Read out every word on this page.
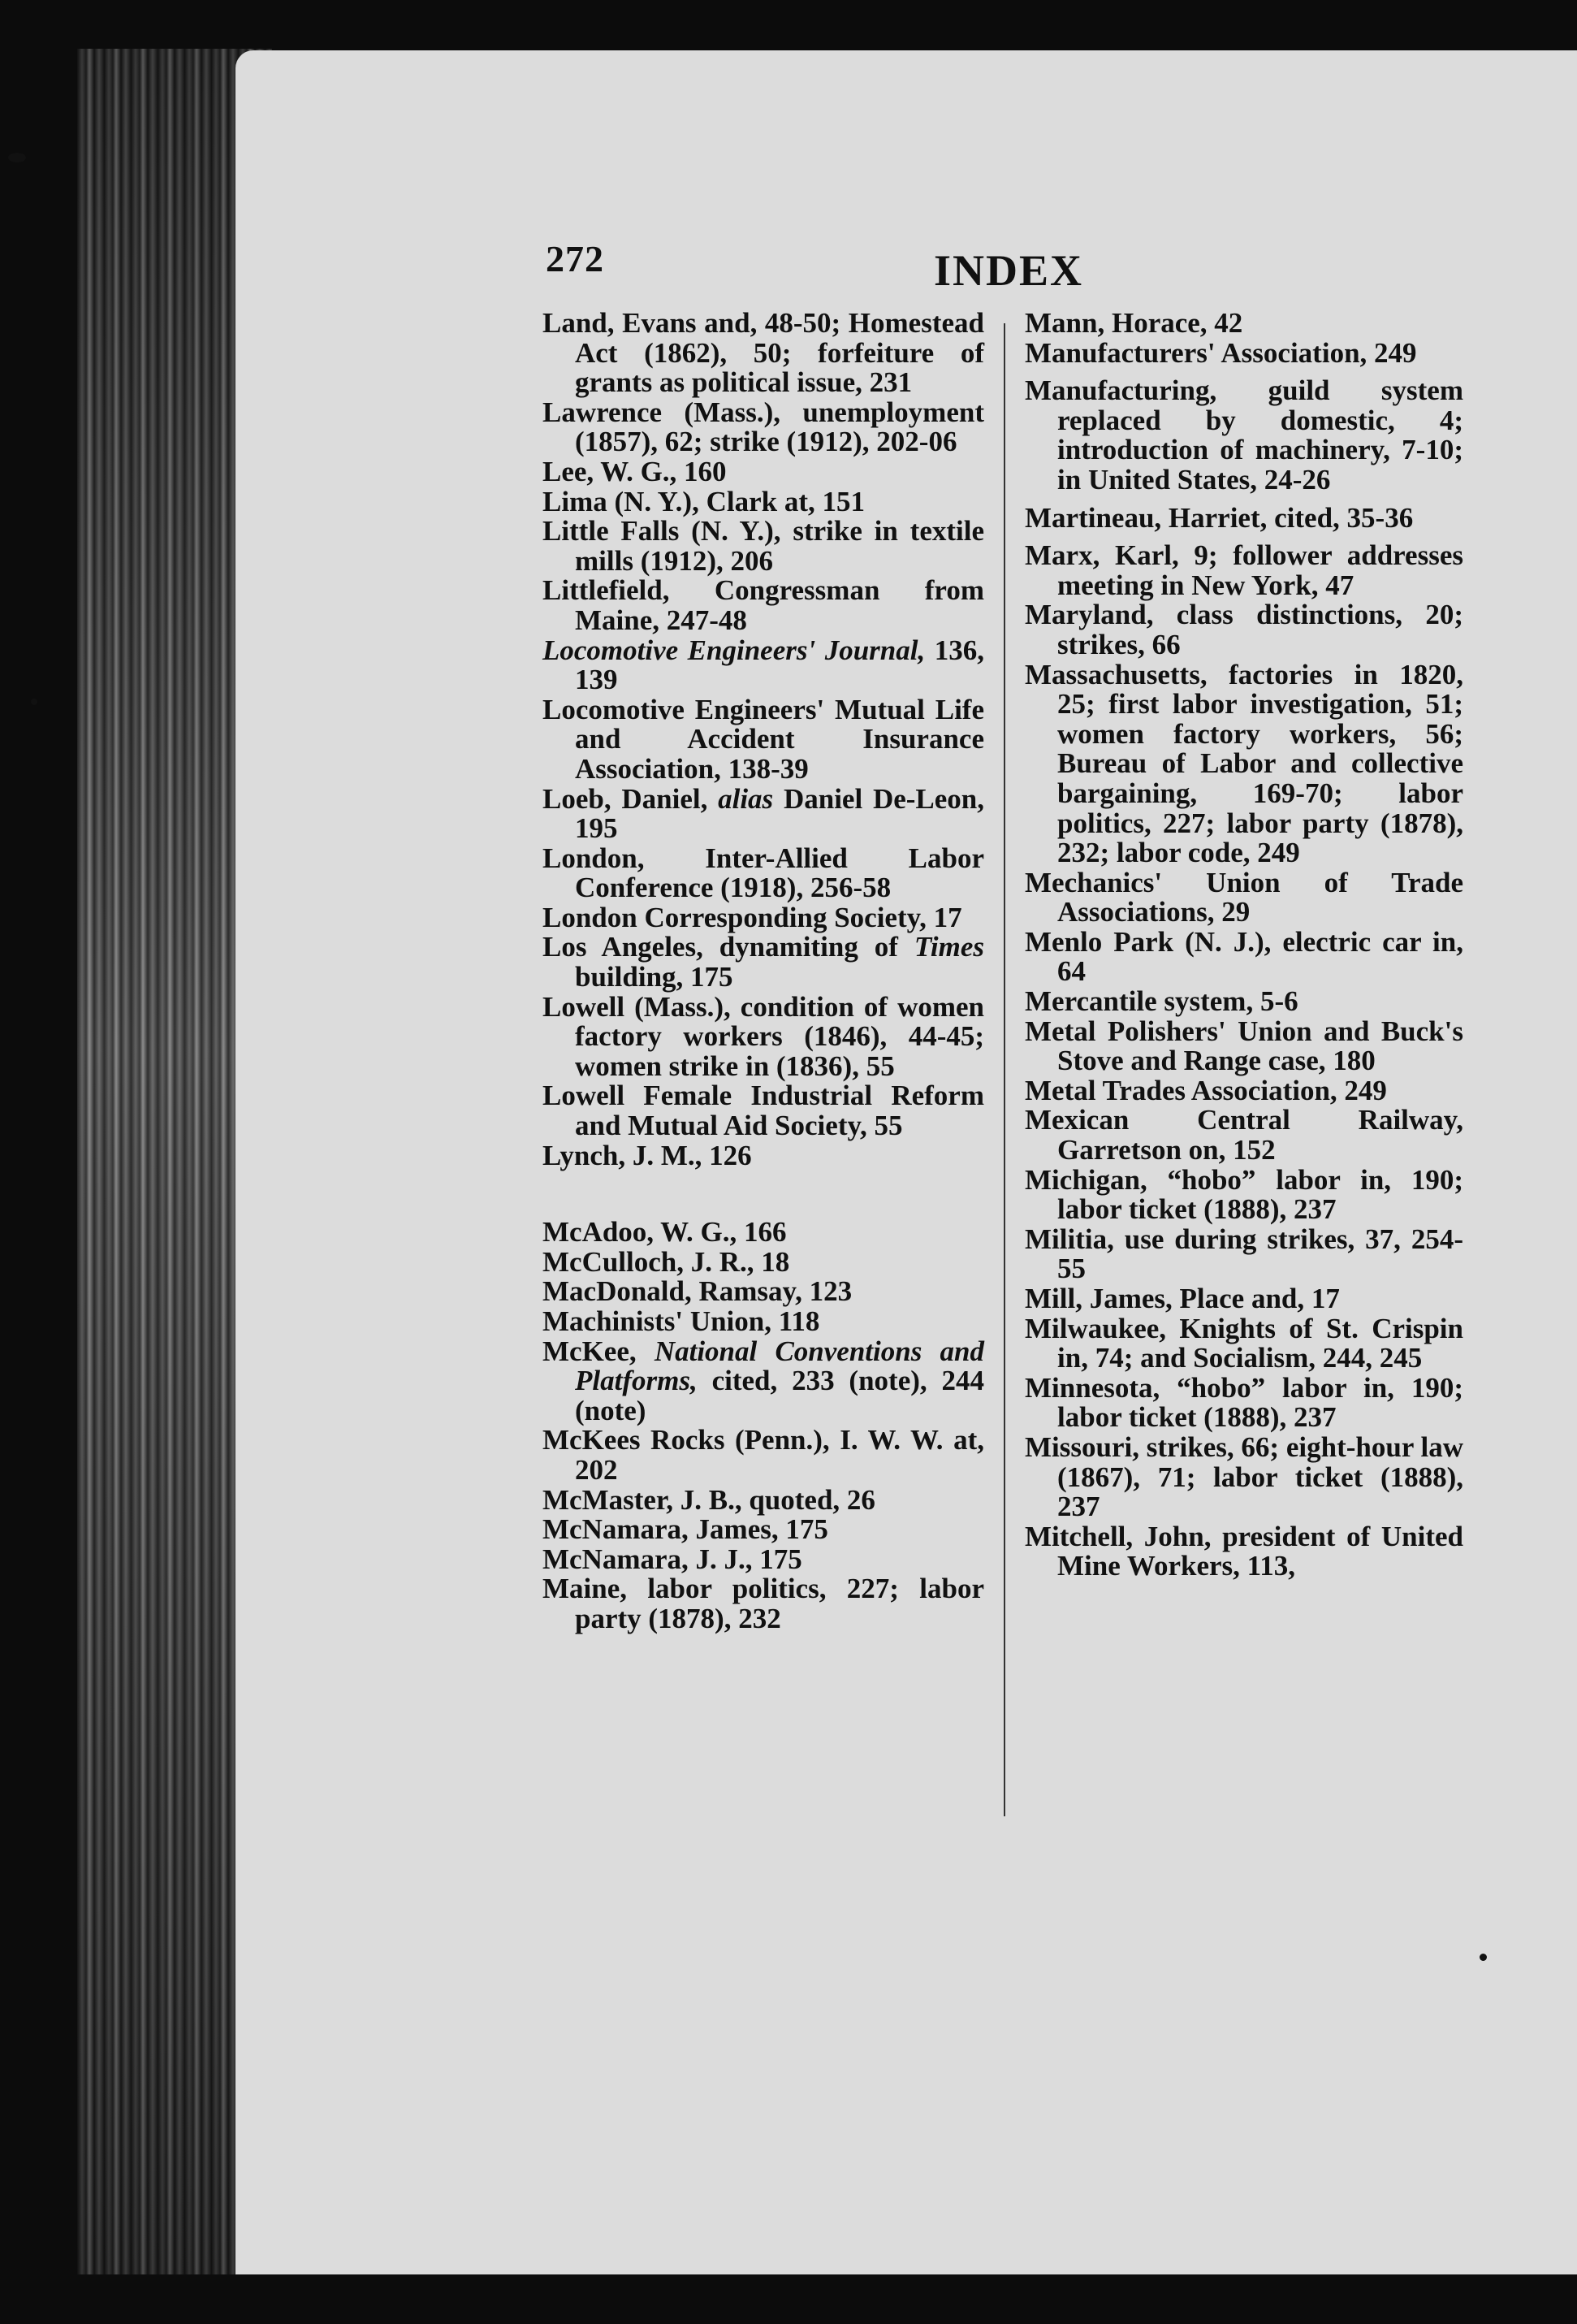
272	INDEX

Land, Evans and, 48-50; Homestead Act (1862), 50; forfeiture of grants as political issue, 231

Lawrence (Mass.), unemployment (1857), 62; strike (1912), 202-06

Lee, W. G., 160

Lima (N. Y.), Clark at, 151

Little Falls (N. Y.), strike in textile mills (1912), 206

Littlefield, Congressman from Maine, 247-48

Locomotive Engineers' Journal, 136, 139

Locomotive Engineers' Mutual Life and Accident Insurance Association, 138-39

Loeb, Daniel, alias Daniel De-Leon, 195

London, Inter-Allied Labor Conference (1918), 256-58

London Corresponding Society, 17

Los Angeles, dynamiting of Times building, 175

Lowell (Mass.), condition of women factory workers (1846), 44-45; women strike in (1836), 55

Lowell Female Industrial Reform and Mutual Aid Society, 55

Lynch, J. M., 126

McAdoo, W. G., 166

McCulloch, J. R., 18

MacDonald, Ramsay, 123

Machinists' Union, 118

McKee, National Conventions and Platforms, cited, 233 (note), 244 (note)

McKees Rocks (Penn.), I. W. W. at, 202

McMaster, J. B., quoted, 26

McNamara, James, 175

McNamara, J. J., 175

Maine, labor politics, 227; labor party (1878), 232

Mann, Horace, 42

Manufacturers' Association, 249

Manufacturing, guild system replaced by domestic, 4; introduction of machinery, 7-10; in United States, 24-26

Martineau, Harriet, cited, 35-36

Marx, Karl, 9; follower addresses meeting in New York, 47

Maryland, class distinctions, 20; strikes, 66

Massachusetts, factories in 1820, 25; first labor investigation, 51; women factory workers, 56; Bureau of Labor and collective bargaining, 169-70; labor politics, 227; labor party (1878), 232; labor code, 249

Mechanics' Union of Trade Associations, 29

Menlo Park (N. J.), electric car in, 64

Mercantile system, 5-6

Metal Polishers' Union and Buck's Stove and Range case, 180

Metal Trades Association, 249

Mexican Central Railway, Garretson on, 152

Michigan, “hobo” labor in, 190; labor ticket (1888), 237

Militia, use during strikes, 37, 254-55

Mill, James, Place and, 17

Milwaukee, Knights of St. Crispin in, 74; and Socialism, 244, 245

Minnesota, “hobo” labor in, 190; labor ticket (1888), 237

Missouri, strikes, 66; eight-hour law (1867), 71; labor ticket (1888), 237

Mitchell, John, president of United Mine Workers, 113,
